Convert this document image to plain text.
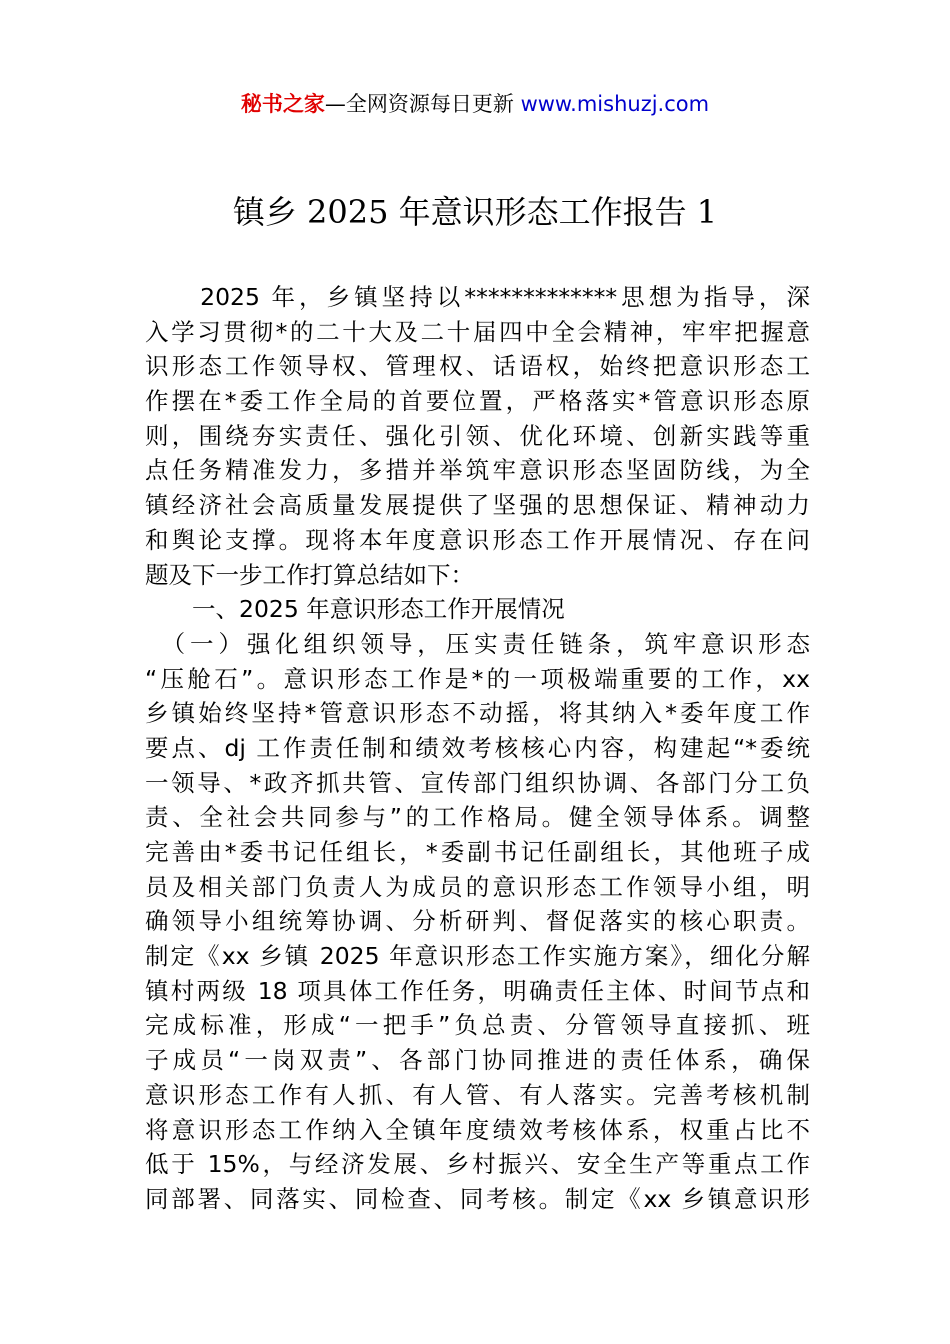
秘书之家—全网资源每日更新 www.mishuzj.com
镇乡 2025 年意识形态工作报告 1
　　2025 年，乡镇坚持以*************思想为指导，深
入学习贯彻*的二十大及二十届四中全会精神，牢牢把握意
识形态工作领导权、管理权、话语权，始终把意识形态工
作摆在*委工作全局的首要位置，严格落实*管意识形态原
则，围绕夯实责任、强化引领、优化环境、创新实践等重
点任务精准发力，多措并举筑牢意识形态坚固防线，为全
镇经济社会高质量发展提供了坚强的思想保证、精神动力
和舆论支撑。现将本年度意识形态工作开展情况、存在问
题及下一步工作打算总结如下：
　　一、2025 年意识形态工作开展情况
　（一）强化组织领导，压实责任链条，筑牢意识形态
“压舱石”。意识形态工作是*的一项极端重要的工作，xx
乡镇始终坚持*管意识形态不动摇，将其纳入*委年度工作
要点、dj 工作责任制和绩效考核核心内容，构建起“*委统
一领导、*政齐抓共管、宣传部门组织协调、各部门分工负
责、全社会共同参与”的工作格局。健全领导体系。调整
完善由*委书记任组长，*委副书记任副组长，其他班子成
员及相关部门负责人为成员的意识形态工作领导小组，明
确领导小组统筹协调、分析研判、督促落实的核心职责。
制定《xx 乡镇 2025 年意识形态工作实施方案》，细化分解
镇村两级 18 项具体工作任务，明确责任主体、时间节点和
完成标准，形成“一把手”负总责、分管领导直接抓、班
子成员“一岗双责”、各部门协同推进的责任体系，确保
意识形态工作有人抓、有人管、有人落实。完善考核机制
将意识形态工作纳入全镇年度绩效考核体系，权重占比不
低于 15%，与经济发展、乡村振兴、安全生产等重点工作
同部署、同落实、同检查、同考核。制定《xx 乡镇意识形
